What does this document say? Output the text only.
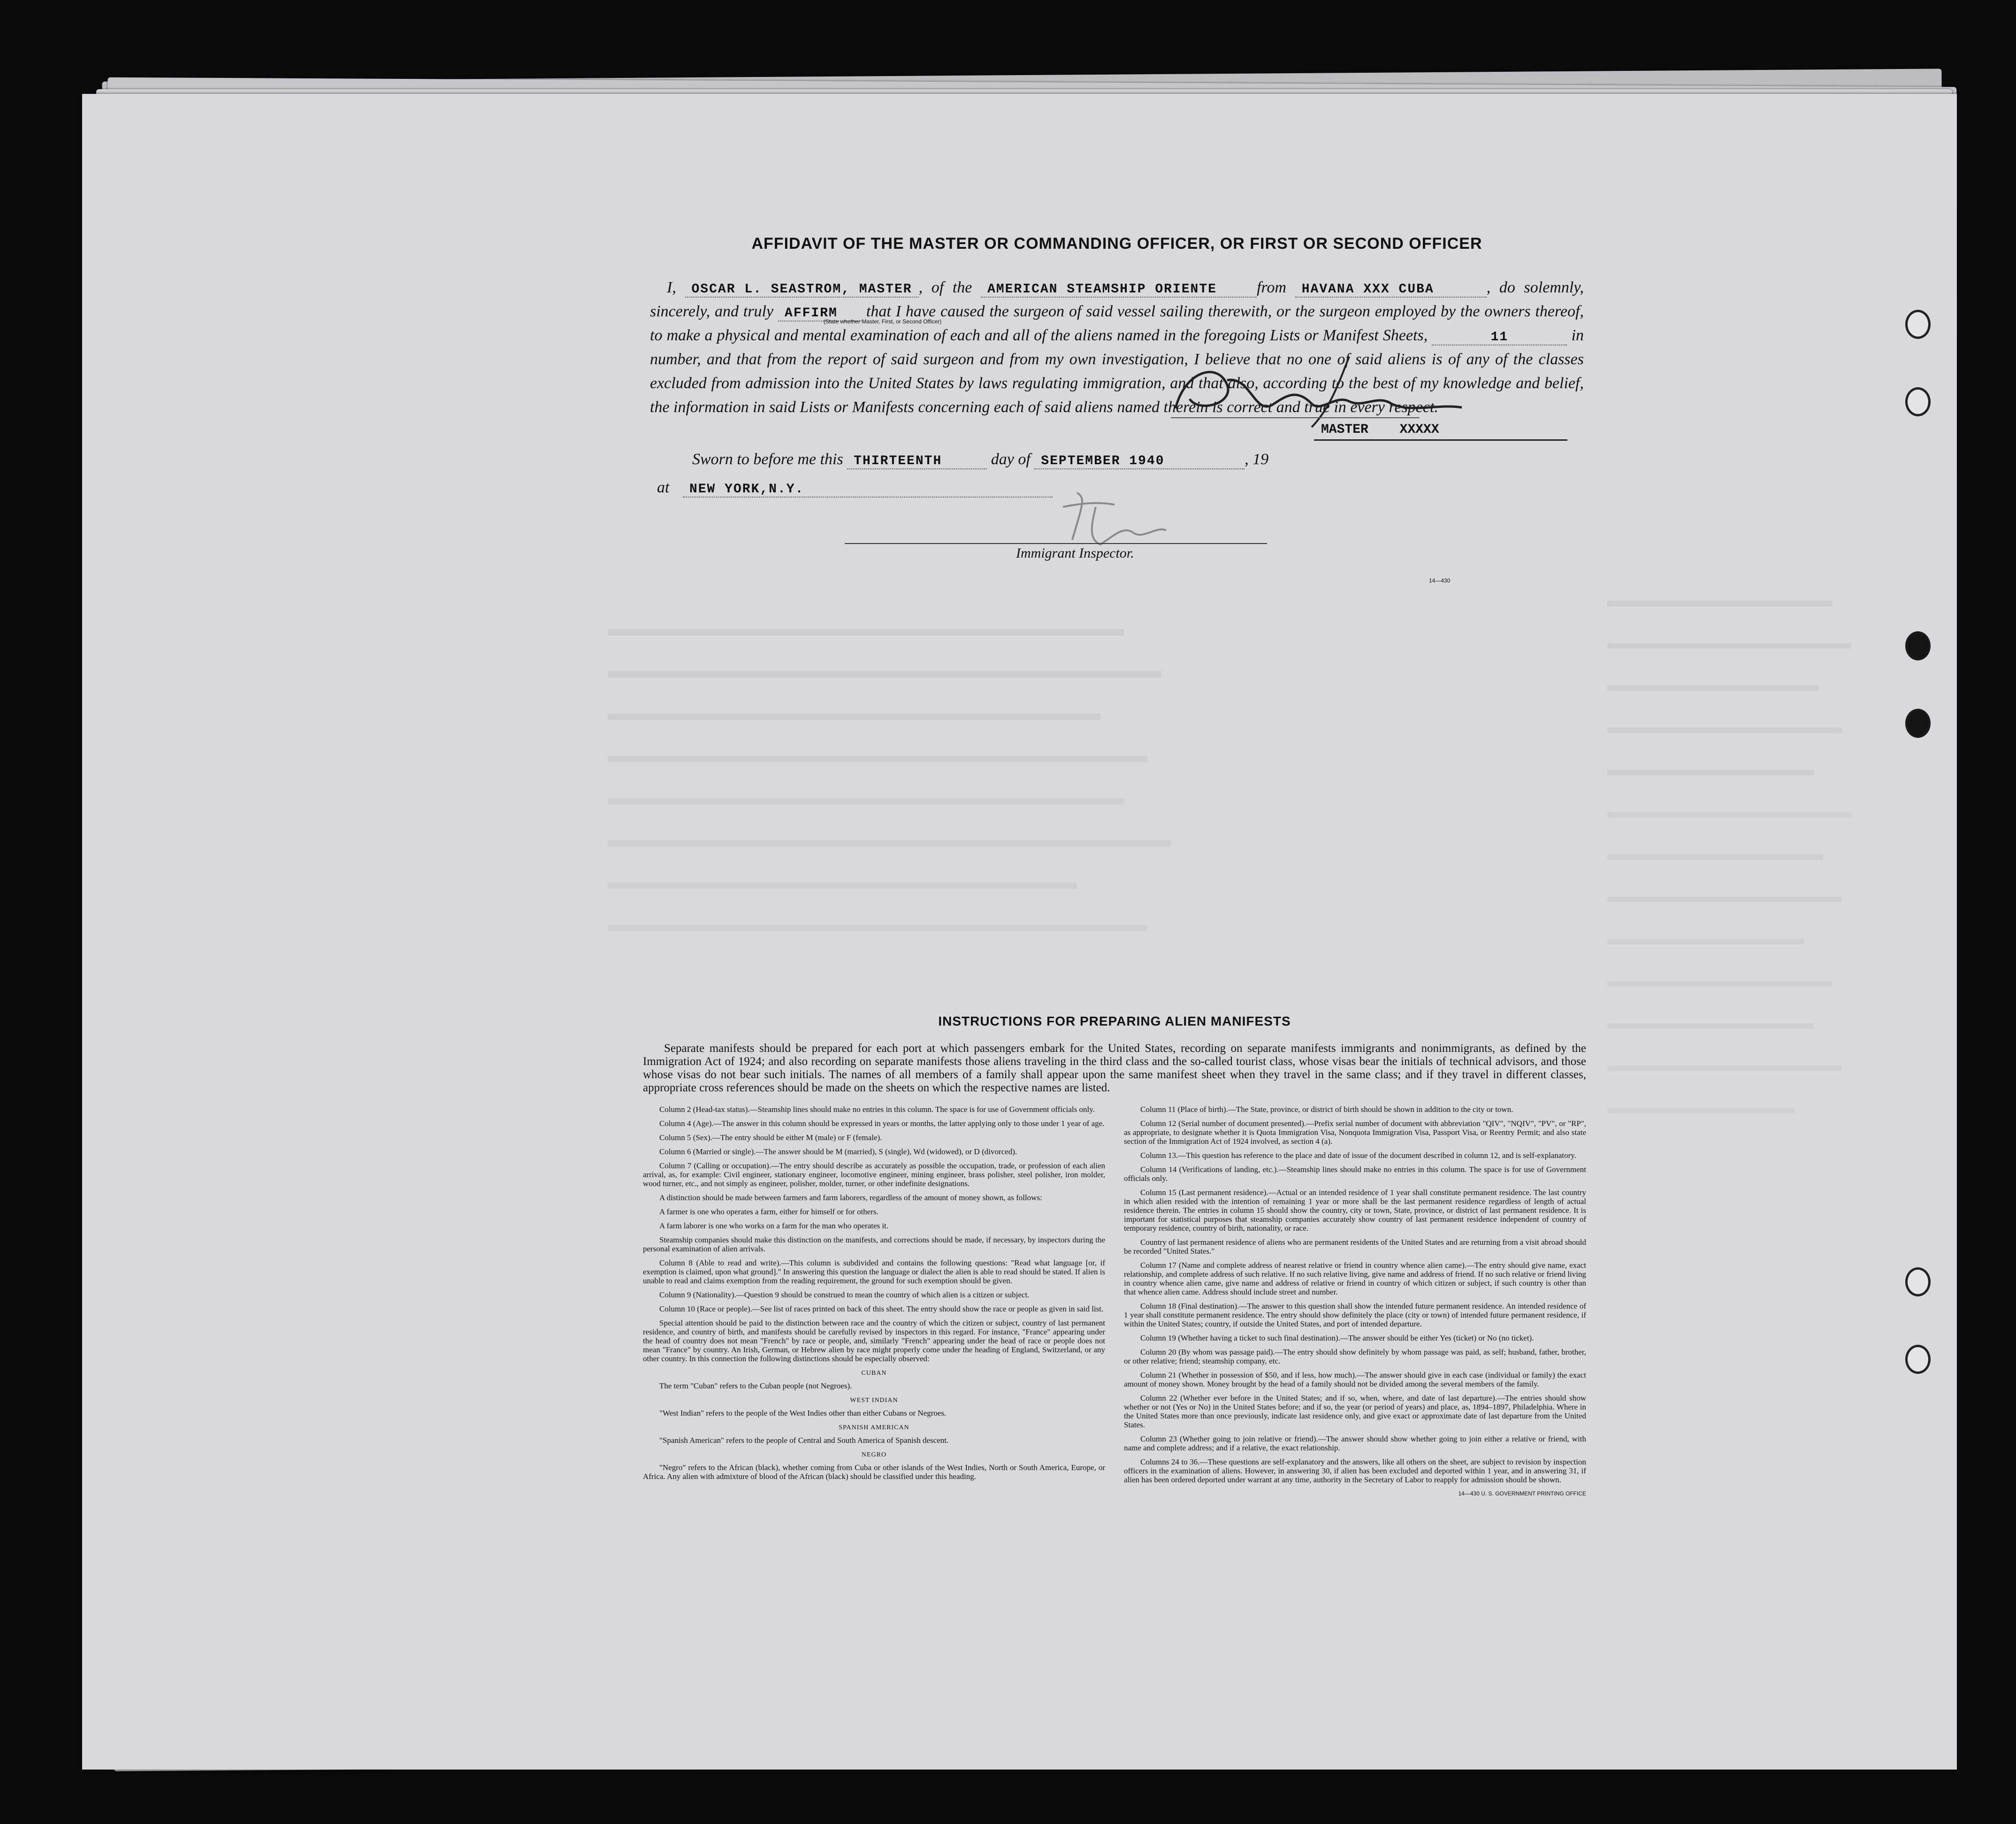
AFFIDAVIT OF THE MASTER OR COMMANDING OFFICER, OR FIRST OR SECOND OFFICER
I, OSCAR L. SEASTROM, MASTER , of the AMERICAN STEAMSHIP ORIENTE	from HAVANA XXX CUBA	, do solemnly, sincerely, and truly AFFIRM that I have caused the surgeon of said vessel sailing therewith, or the surgeon employed by the owners thereof, to make a physical and mental examination of each and all of the aliens named in the foregoing Lists or Manifest Sheets,	11	in number, and that from the report of said surgeon and from my own investigation, I believe that no one of said aliens is of any of the classes excluded from admission into the United States by laws regulating immigration, and that also, according to the best of my knowledge and belief, the information in said Lists or Manifests concerning each of said aliens named therein is correct and true in every respect.
(State whether Master, First, or Second Officer)
MASTER XXXXX
Sworn to before me this THIRTEENTH	day of SEPTEMBER 1940	, 19
at NEW YORK,N.Y.
Immigrant Inspector.
14—430
INSTRUCTIONS FOR PREPARING ALIEN MANIFESTS

Separate manifests should be prepared for each port at which passengers embark for the United States, recording on separate manifests immigrants and nonimmigrants, as defined by the Immigration Act of 1924; and also recording on separate manifests those aliens traveling in the third class and the so-called tourist class, whose visas bear the initials of technical advisors, and those whose visas do not bear such initials. The names of all members of a family shall appear upon the same manifest sheet when they travel in the same class; and if they travel in different classes, appropriate cross references should be made on the sheets on which the respective names are listed.

Column 2 (Head-tax status).—Steamship lines should make no entries in this column. The space is for use of Government officials only.

Column 4 (Age).—The answer in this column should be expressed in years or months, the latter applying only to those under 1 year of age.

Column 5 (Sex).—The entry should be either M (male) or F (female).

Column 6 (Married or single).—The answer should be M (married), S (single), Wd (widowed), or D (divorced).

Column 7 (Calling or occupation).—The entry should describe as accurately as possible the occupation, trade, or profession of each alien arrival, as, for example: Civil engineer, stationary engineer, locomotive engineer, mining engineer, brass polisher, steel polisher, iron molder, wood turner, etc., and not simply as engineer, polisher, molder, turner, or other indefinite designations.

A distinction should be made between farmers and farm laborers, regardless of the amount of money shown, as follows:

A farmer is one who operates a farm, either for himself or for others.

A farm laborer is one who works on a farm for the man who operates it.

Steamship companies should make this distinction on the manifests, and corrections should be made, if necessary, by inspectors during the personal examination of alien arrivals.

Column 8 (Able to read and write).—This column is subdivided and contains the following questions: "Read what language [or, if exemption is claimed, upon what ground]." In answering this question the language or dialect the alien is able to read should be stated. If alien is unable to read and claims exemption from the reading requirement, the ground for such exemption should be given.

Column 9 (Nationality).—Question 9 should be construed to mean the country of which alien is a citizen or subject.

Column 10 (Race or people).—See list of races printed on back of this sheet. The entry should show the race or people as given in said list.

Special attention should be paid to the distinction between race and the country of which the citizen or subject, country of last permanent residence, and country of birth, and manifests should be carefully revised by inspectors in this regard. For instance, "France" appearing under the head of country does not mean "French" by race or people, and, similarly "French" appearing under the head of race or people does not mean "France" by country. An Irish, German, or Hebrew alien by race might properly come under the heading of England, Switzerland, or any other country. In this connection the following distinctions should be especially observed:

CUBAN

The term "Cuban" refers to the Cuban people (not Negroes).

WEST INDIAN

"West Indian" refers to the people of the West Indies other than either Cubans or Negroes.

SPANISH AMERICAN

"Spanish American" refers to the people of Central and South America of Spanish descent.

NEGRO

"Negro" refers to the African (black), whether coming from Cuba or other islands of the West Indies, North or South America, Europe, or Africa. Any alien with admixture of blood of the African (black) should be classified under this heading.

Column 11 (Place of birth).—The State, province, or district of birth should be shown in addition to the city or town.

Column 12 (Serial number of document presented).—Prefix serial number of document with abbreviation "QIV", "NQIV", "PV", or "RP", as appropriate, to designate whether it is Quota Immigration Visa, Nonquota Immigration Visa, Passport Visa, or Reentry Permit; and also state section of the Immigration Act of 1924 involved, as section 4 (a).

Column 13.—This question has reference to the place and date of issue of the document described in column 12, and is self-explanatory.

Column 14 (Verifications of landing, etc.).—Steamship lines should make no entries in this column. The space is for use of Government officials only.

Column 15 (Last permanent residence).—Actual or an intended residence of 1 year shall constitute permanent residence. The last country in which alien resided with the intention of remaining 1 year or more shall be the last permanent residence regardless of length of actual residence therein. The entries in column 15 should show the country, city or town, State, province, or district of last permanent residence. It is important for statistical purposes that steamship companies accurately show country of last permanent residence independent of country of temporary residence, country of birth, nationality, or race.

Country of last permanent residence of aliens who are permanent residents of the United States and are returning from a visit abroad should be recorded "United States."

Column 17 (Name and complete address of nearest relative or friend in country whence alien came).—The entry should give name, exact relationship, and complete address of such relative. If no such relative living, give name and address of friend. If no such relative or friend living in country whence alien came, give name and address of relative or friend in country of which citizen or subject, if such country is other than that whence alien came. Address should include street and number.

Column 18 (Final destination).—The answer to this question shall show the intended future permanent residence. An intended residence of 1 year shall constitute permanent residence. The entry should show definitely the place (city or town) of intended future permanent residence, if within the United States; country, if outside the United States, and port of intended departure.

Column 19 (Whether having a ticket to such final destination).—The answer should be either Yes (ticket) or No (no ticket).

Column 20 (By whom was passage paid).—The entry should show definitely by whom passage was paid, as self; husband, father, brother, or other relative; friend; steamship company, etc.

Column 21 (Whether in possession of $50, and if less, how much).—The answer should give in each case (individual or family) the exact amount of money shown. Money brought by the head of a family should not be divided among the several members of the family.

Column 22 (Whether ever before in the United States; and if so, when, where, and date of last departure).—The entries should show whether or not (Yes or No) in the United States before; and if so, the year (or period of years) and place, as, 1894–1897, Philadelphia. Where in the United States more than once previously, indicate last residence only, and give exact or approximate date of last departure from the United States.

Column 23 (Whether going to join relative or friend).—The answer should show whether going to join either a relative or friend, with name and complete address; and if a relative, the exact relationship.

Columns 24 to 36.—These questions are self-explanatory and the answers, like all others on the sheet, are subject to revision by inspection officers in the examination of aliens. However, in answering 30, if alien has been excluded and deported within 1 year, and in answering 31, if alien has been ordered deported under warrant at any time, authority in the Secretary of Labor to reapply for admission should be shown.

14—430 U. S. GOVERNMENT PRINTING OFFICE
